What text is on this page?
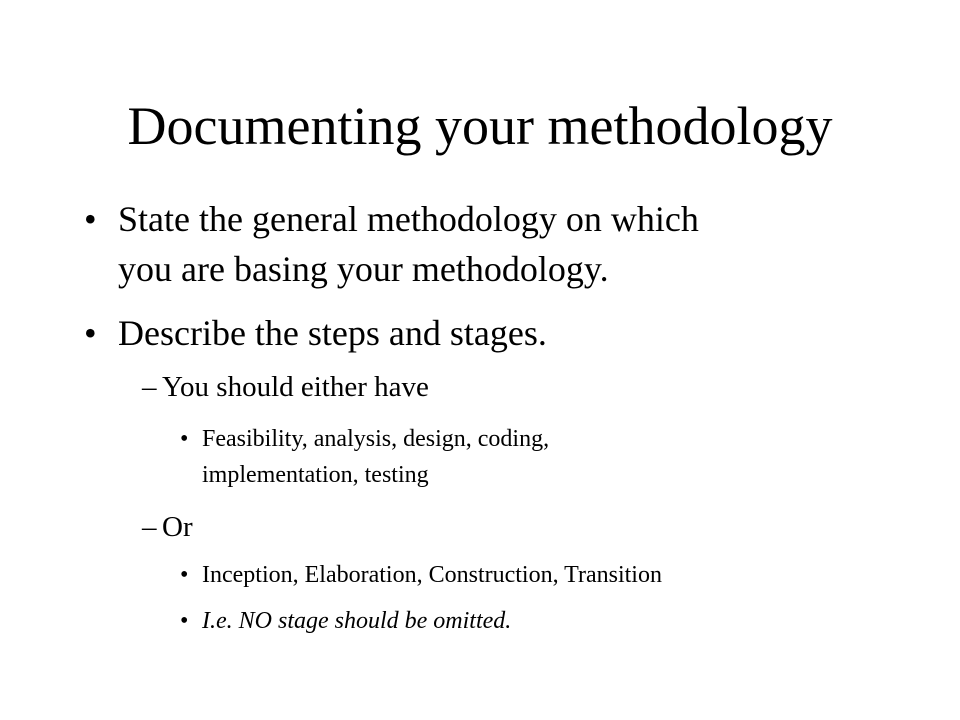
Documenting your methodology
• State the general methodology on which
you are basing your methodology.
• Describe the steps and stages.
– You should either have
• Feasibility, analysis, design, coding,
implementation, testing
– Or
• Inception, Elaboration, Construction, Transition
• I.e. NO stage should be omitted.
